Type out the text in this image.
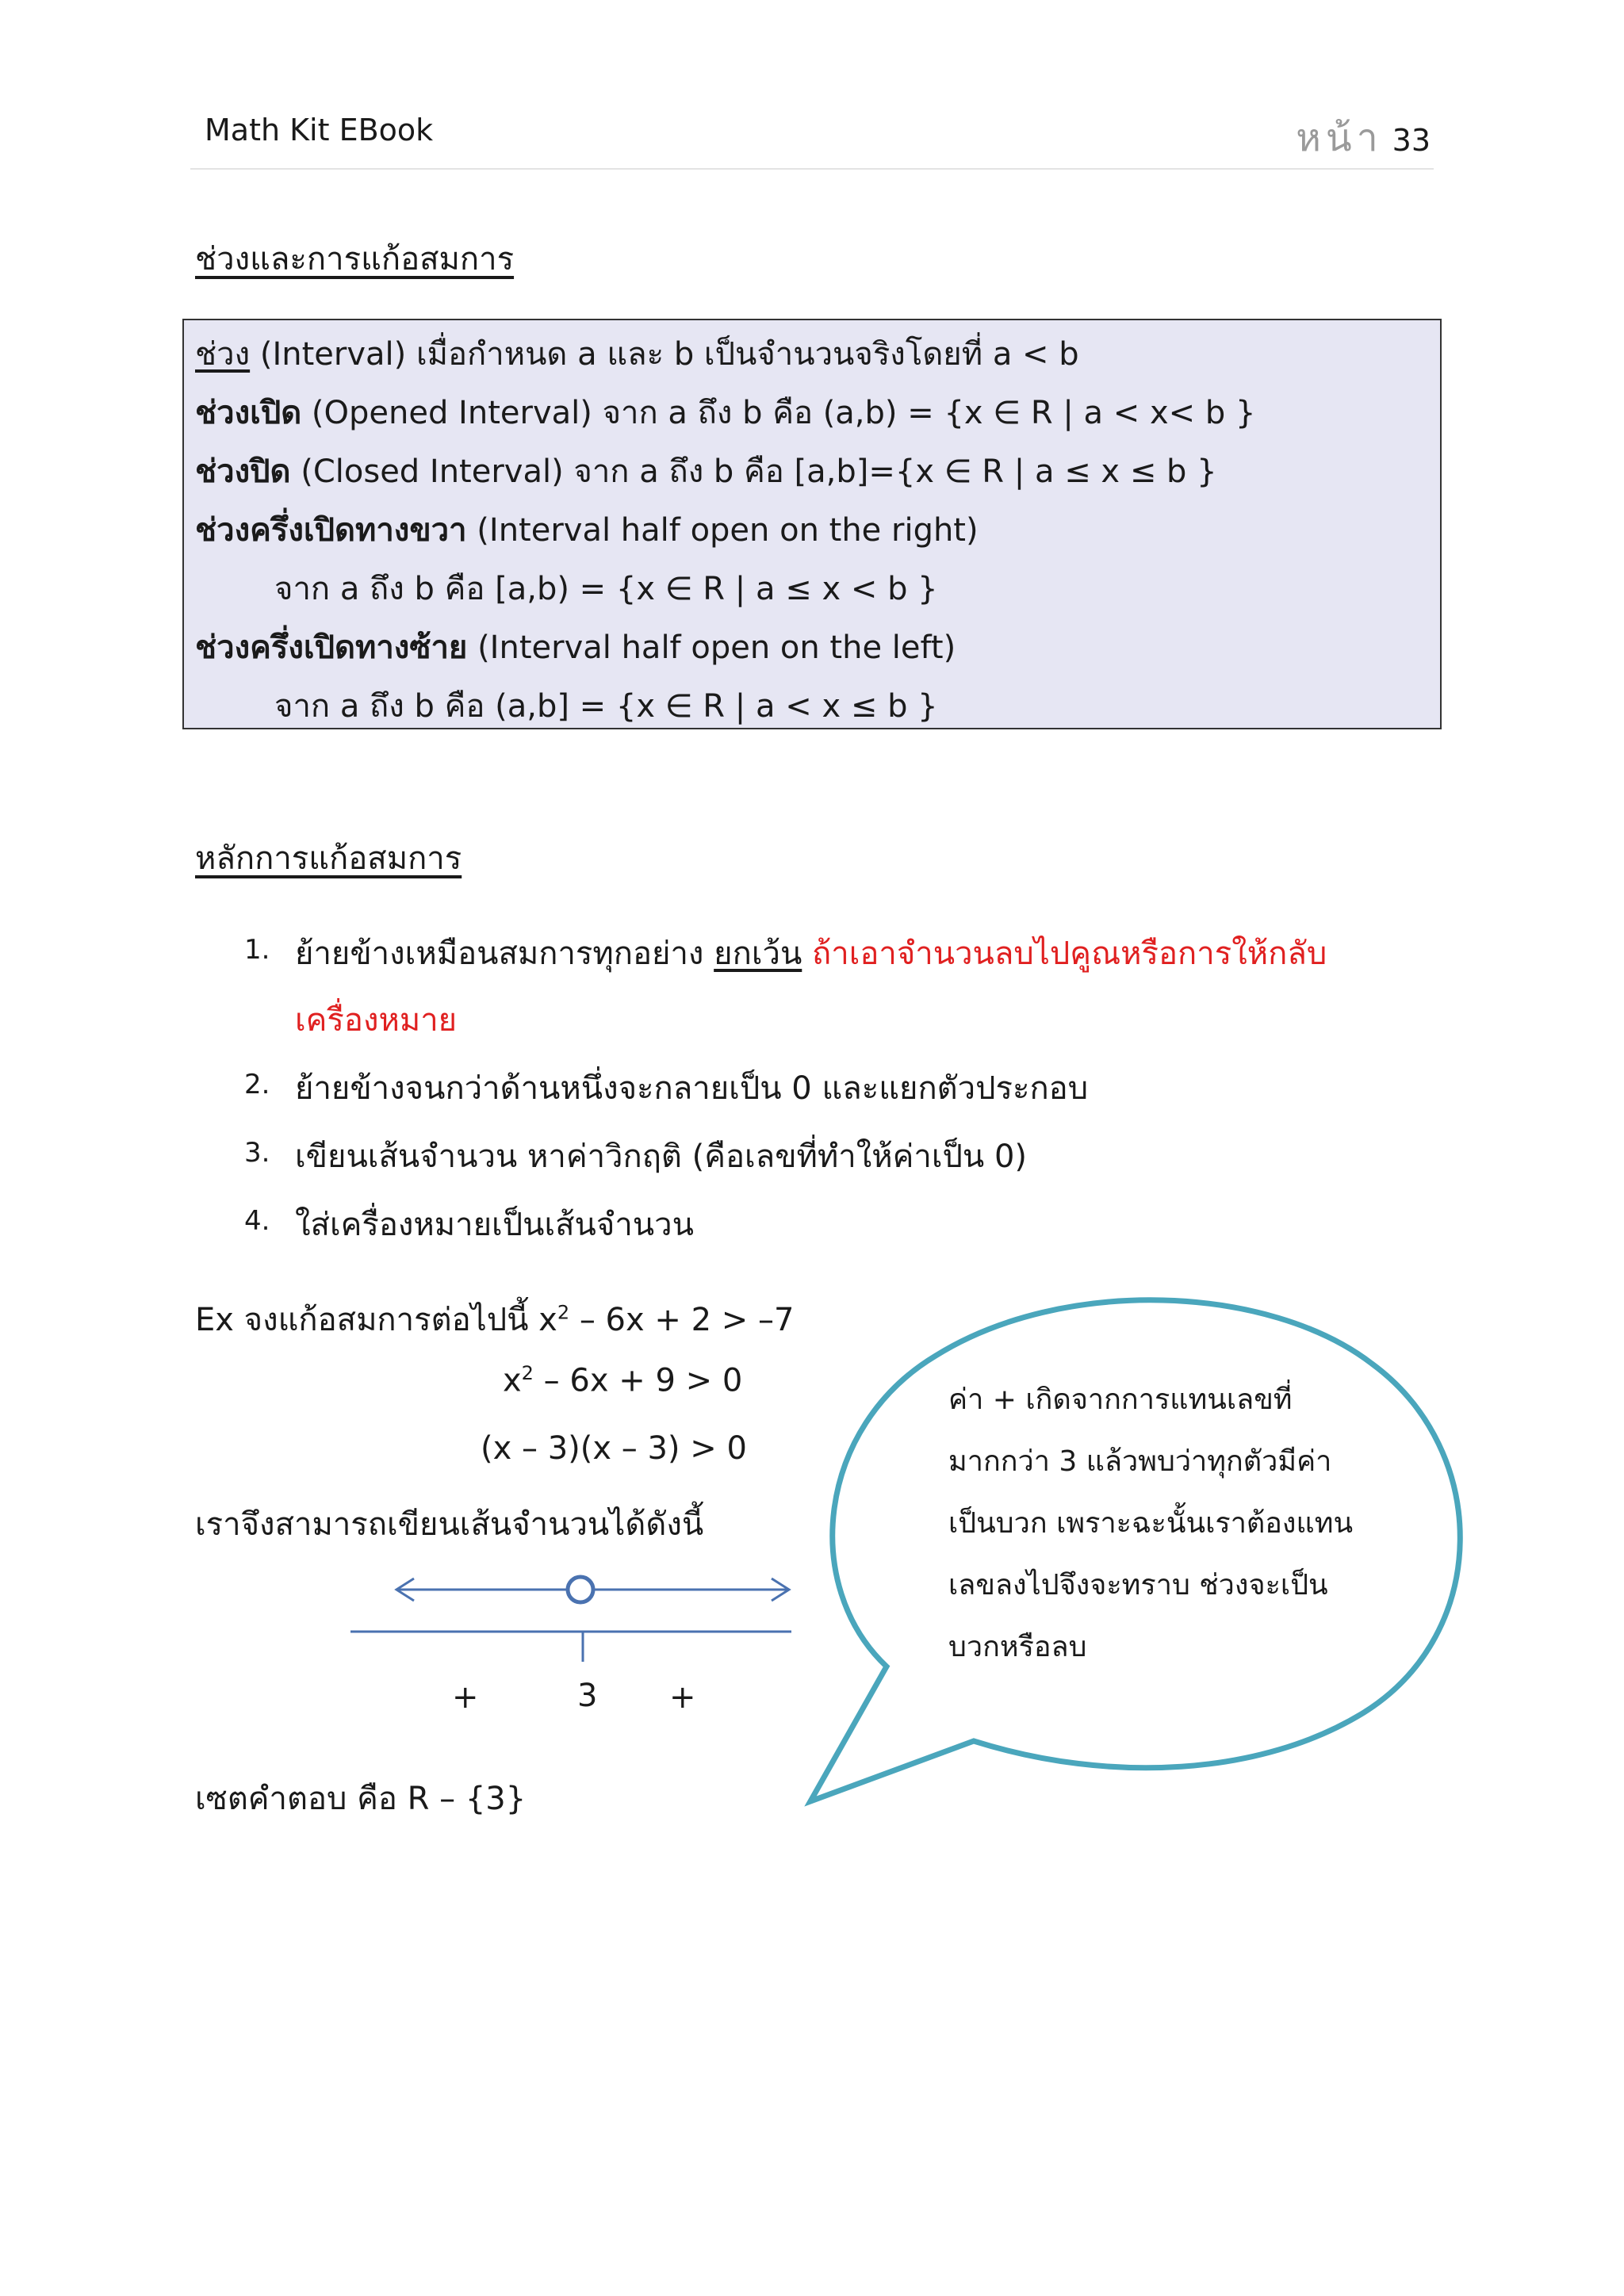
Math Kit EBook	หน้า 33
ช่วงและการแก้อสมการ
ช่วง (Interval) เมื่อกำหนด a และ b เป็นจำนวนจริงโดยที่ a < b
ช่วงเปิด (Opened Interval) จาก a ถึง b คือ (a,b) = {x ∈ R | a < x< b }
ช่วงปิด (Closed Interval) จาก a ถึง b คือ [a,b]={x ∈ R | a ≤ x ≤ b }
ช่วงครึ่งเปิดทางขวา (Interval half open on the right)
จาก a ถึง b คือ [a,b) = {x ∈ R | a ≤ x < b }
ช่วงครึ่งเปิดทางซ้าย (Interval half open on the left)
จาก a ถึง b คือ (a,b] = {x ∈ R | a < x ≤ b }
หลักการแก้อสมการ
1. ย้ายข้างเหมือนสมการทุกอย่าง ยกเว้น ถ้าเอาจำนวนลบไปคูณหรือการให้กลับ
เครื่องหมาย
2. ย้ายข้างจนกว่าด้านหนึ่งจะกลายเป็น 0 และแยกตัวประกอบ
3. เขียนเส้นจำนวน หาค่าวิกฤติ (คือเลขที่ทำให้ค่าเป็น 0)
4. ใส่เครื่องหมายเป็นเส้นจำนวน
Ex จงแก้อสมการต่อไปนี้ $x^2 - 6x + 2 > -7$
$x^2 - 6x + 9 > 0$
(x – 3)(x – 3) > 0
เราจึงสามารถเขียนเส้นจำนวนได้ดังนี้
+	3 +
เซตคำตอบ คือ R – {3}
ค่า + เกิดจากการแทนเลขที่
มากกว่า 3 แล้วพบว่าทุกตัวมีค่า
เป็นบวก เพราะฉะนั้นเราต้องแทน
เลขลงไปจึงจะทราบ ช่วงจะเป็น
บวกหรือลบ
